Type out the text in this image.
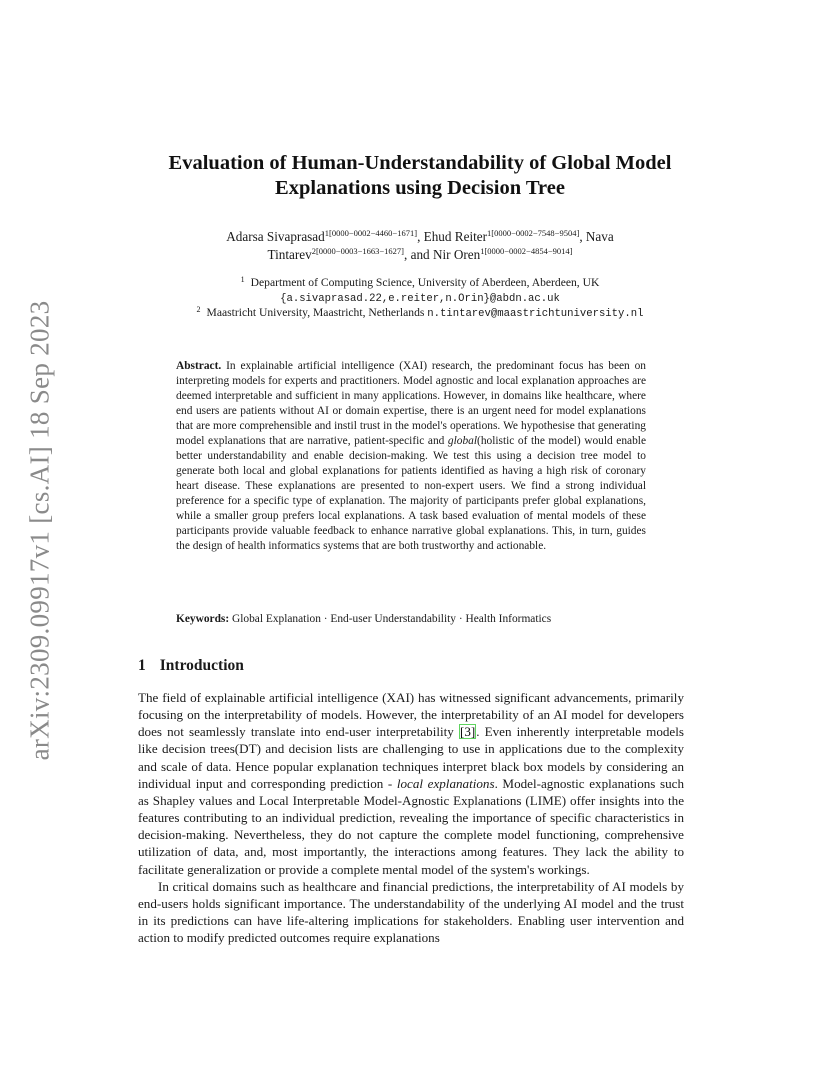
arXiv:2309.09917v1 [cs.AI] 18 Sep 2023
Evaluation of Human-Understandability of Global Model
Explanations using Decision Tree
Adarsa Sivaprasad$^{1[0000-0002-4460-1671]}$, Ehud Reiter$^{1[0000-0002-7548-9504]}$, Nava
Tintarev$^{2[0000-0003-1663-1627]}$, and Nir Oren$^{1[0000-0002-4854-9014]}$
$^1$ Department of Computing Science, University of Aberdeen, Aberdeen, UK
{a.sivaprasad.22,e.reiter,n.Orin}@abdn.ac.uk
$^2$ Maastricht University, Maastricht, Netherlands n.tintarev@maastrichtuniversity.nl
Abstract. In explainable artificial intelligence (XAI) research, the predominant focus has been on interpreting models for experts and practitioners. Model agnostic and local explanation approaches are deemed interpretable and sufficient in many applications. However, in domains like healthcare, where end users are patients without AI or domain expertise, there is an urgent need for model explanations that are more comprehensible and instil trust in the model's operations. We hypothesise that generating model explanations that are narrative, patient-specific and global(holistic of the model) would enable better understandability and enable decision-making. We test this using a decision tree model to generate both local and global explanations for patients identified as having a high risk of coronary heart disease. These explanations are presented to non-expert users. We find a strong individual preference for a specific type of explanation. The majority of participants prefer global explanations, while a smaller group prefers local explanations. A task based evaluation of mental models of these participants provide valuable feedback to enhance narrative global explanations. This, in turn, guides the design of health informatics systems that are both trustworthy and actionable.
Keywords: Global Explanation · End-user Understandability · Health Informatics
1 Introduction

The field of explainable artificial intelligence (XAI) has witnessed significant advancements, primarily focusing on the interpretability of models. However, the interpretability of an AI model for developers does not seamlessly translate into end-user interpretability [3]. Even inherently interpretable models like decision trees(DT) and decision lists are challenging to use in applications due to the complexity and scale of data. Hence popular explanation techniques interpret black box models by considering an individual input and corresponding prediction - local explanations. Model-agnostic explanations such as Shapley values and Local Interpretable Model-Agnostic Explanations (LIME) offer insights into the features contributing to an individual prediction, revealing the importance of specific characteristics in decision-making. Nevertheless, they do not capture the complete model functioning, comprehensive utilization of data, and, most importantly, the interactions among features. They lack the ability to facilitate generalization or provide a complete mental model of the system's workings.

In critical domains such as healthcare and financial predictions, the interpretability of AI models by end-users holds significant importance. The understandability of the underlying AI model and the trust in its predictions can have life-altering implications for stakeholders. Enabling user intervention and action to modify predicted outcomes require explanations
